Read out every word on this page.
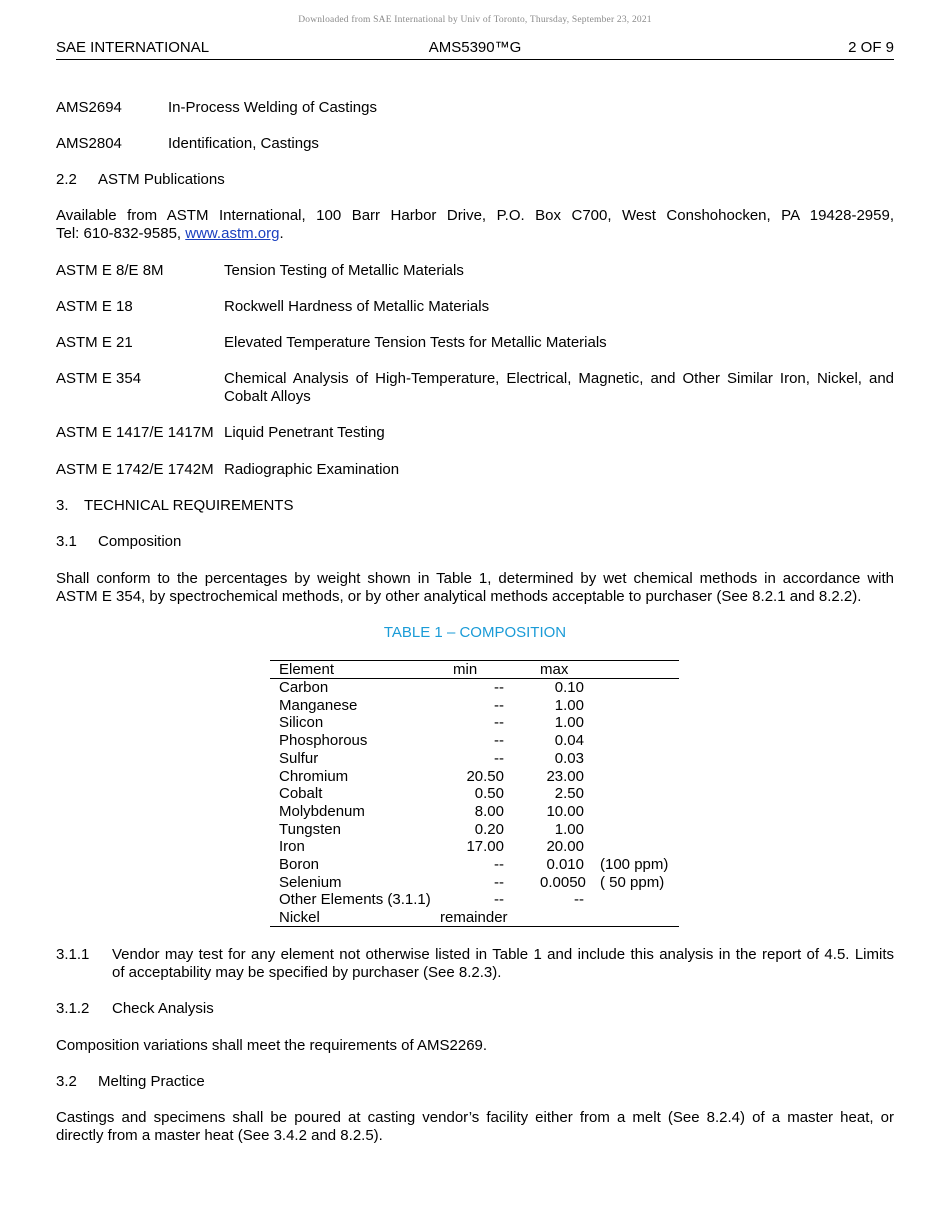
Downloaded from SAE International by Univ of Toronto, Thursday, September 23, 2021
SAE INTERNATIONAL	AMS5390™G	2 OF 9
AMS2694	In-Process Welding of Castings
AMS2804	Identification, Castings
2.2 ASTM Publications
Available from ASTM International, 100 Barr Harbor Drive, P.O. Box C700, West Conshohocken, PA 19428-2959,
Tel: 610-832-9585, www.astm.org.
ASTM E 8/E 8M	Tension Testing of Metallic Materials
ASTM E 18	Rockwell Hardness of Metallic Materials
ASTM E 21	Elevated Temperature Tension Tests for Metallic Materials
ASTM E 354	Chemical Analysis of High-Temperature, Electrical, Magnetic, and Other Similar Iron, Nickel, and
Cobalt Alloys
ASTM E 1417/E 1417M Liquid Penetrant Testing
ASTM E 1742/E 1742M Radiographic Examination
3. TECHNICAL REQUIREMENTS
3.1 Composition
Shall conform to the percentages by weight shown in Table 1, determined by wet chemical methods in accordance with
ASTM E 354, by spectrochemical methods, or by other analytical methods acceptable to purchaser (See 8.2.1 and 8.2.2).
TABLE 1 – COMPOSITION
Element	min	max
Carbon	--	0.10
Manganese	--	1.00
Silicon	--	1.00
Phosphorous	--	0.04
Sulfur	--	0.03
Chromium	20.50	23.00
Cobalt	0.50	2.50
Molybdenum	8.00	10.00
Tungsten	0.20	1.00
Iron	17.00	20.00
Boron	--	0.010 (100 ppm)
Selenium	-- 0.0050 ( 50 ppm)
Other Elements (3.1.1)	--	--
Nickel	remainder
3.1.1 Vendor may test for any element not otherwise listed in Table 1 and include this analysis in the report of 4.5. Limits
of acceptability may be specified by purchaser (See 8.2.3).
3.1.2 Check Analysis
Composition variations shall meet the requirements of AMS2269.
3.2 Melting Practice
Castings and specimens shall be poured at casting vendor’s facility either from a melt (See 8.2.4) of a master heat, or
directly from a master heat (See 3.4.2 and 8.2.5).
